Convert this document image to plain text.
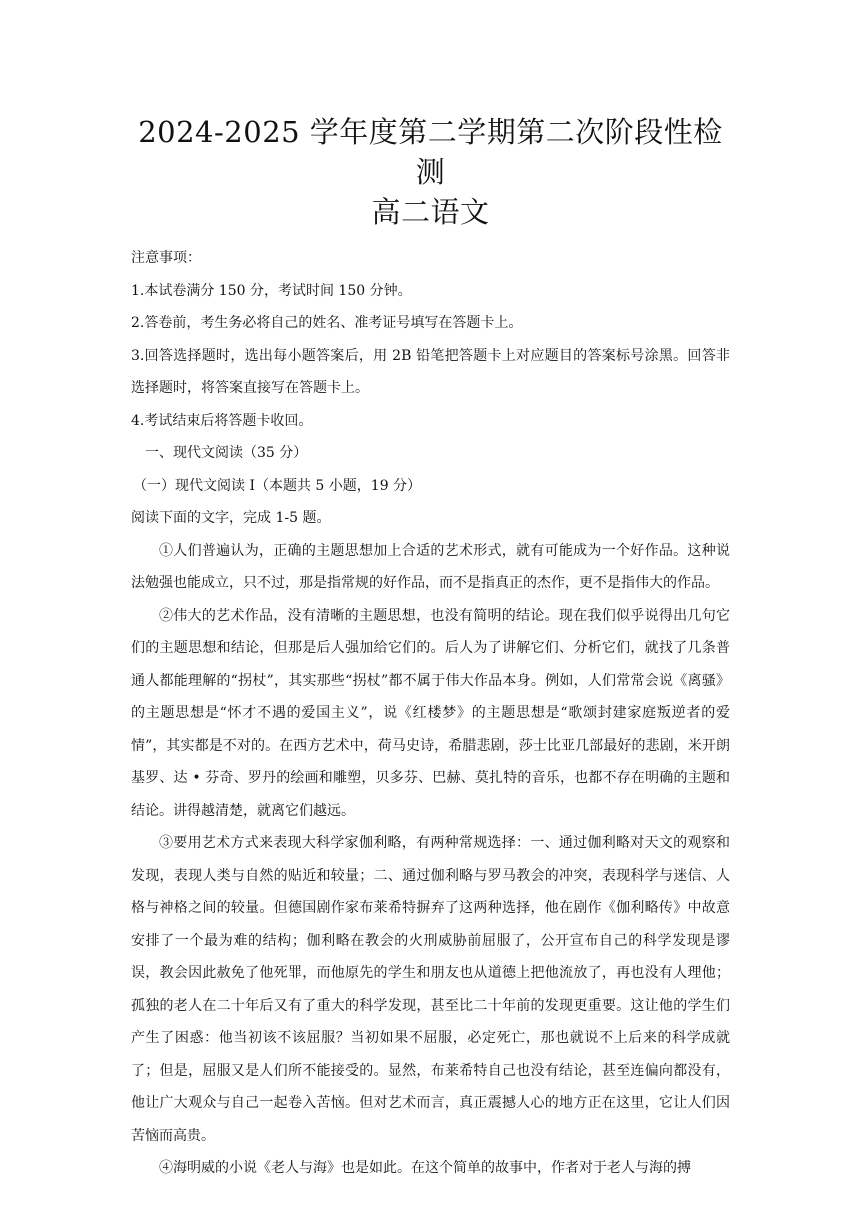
2024-2025 学年度第二学期第二次阶段性检测
高二语文

注意事项：

1.本试卷满分 150 分，考试时间 150 分钟。

2.答卷前，考生务必将自己的姓名、准考证号填写在答题卡上。

3.回答选择题时，选出每小题答案后，用 2B 铅笔把答题卡上对应题目的答案标号涂黑。回答非选择题时，将答案直接写在答题卡上。

4.考试结束后将答题卡收回。

一、现代文阅读（35 分）

（一）现代文阅读 I（本题共 5 小题，19 分）

阅读下面的文字，完成 1-5 题。

①人们普遍认为，正确的主题思想加上合适的艺术形式，就有可能成为一个好作品。这种说法勉强也能成立，只不过，那是指常规的好作品，而不是指真正的杰作，更不是指伟大的作品。

②伟大的艺术作品，没有清晰的主题思想，也没有简明的结论。现在我们似乎说得出几句它们的主题思想和结论，但那是后人强加给它们的。后人为了讲解它们、分析它们，就找了几条普通人都能理解的“拐杖”，其实那些“拐杖”都不属于伟大作品本身。例如，人们常常会说《离骚》的主题思想是“怀才不遇的爱国主义”，说《红楼梦》的主题思想是“歌颂封建家庭叛逆者的爱情”，其实都是不对的。在西方艺术中，荷马史诗，希腊悲剧，莎士比亚几部最好的悲剧，米开朗基罗、达 • 芬奇、罗丹的绘画和雕塑，贝多芬、巴赫、莫扎特的音乐，也都不存在明确的主题和结论。讲得越清楚，就离它们越远。

③要用艺术方式来表现大科学家伽利略，有两种常规选择：一、通过伽利略对天文的观察和发现，表现人类与自然的贴近和较量；二、通过伽利略与罗马教会的冲突，表现科学与迷信、人格与神格之间的较量。但德国剧作家布莱希特摒弃了这两种选择，他在剧作《伽利略传》中故意安排了一个最为难的结构；伽利略在教会的火刑威胁前屈服了，公开宣布自己的科学发现是谬误，教会因此赦免了他死罪，而他原先的学生和朋友也从道德上把他流放了，再也没有人理他；孤独的老人在二十年后又有了重大的科学发现，甚至比二十年前的发现更重要。这让他的学生们产生了困惑：他当初该不该屈服？当初如果不屈服，必定死亡，那也就说不上后来的科学成就了；但是，屈服又是人们所不能接受的。显然，布莱希特自己也没有结论，甚至连偏向都没有，他让广大观众与自己一起卷入苦恼。但对艺术而言，真正震撼人心的地方正在这里，它让人们因苦恼而高贵。

④海明威的小说《老人与海》也是如此。在这个简单的故事中，作者对于老人与海的搏
